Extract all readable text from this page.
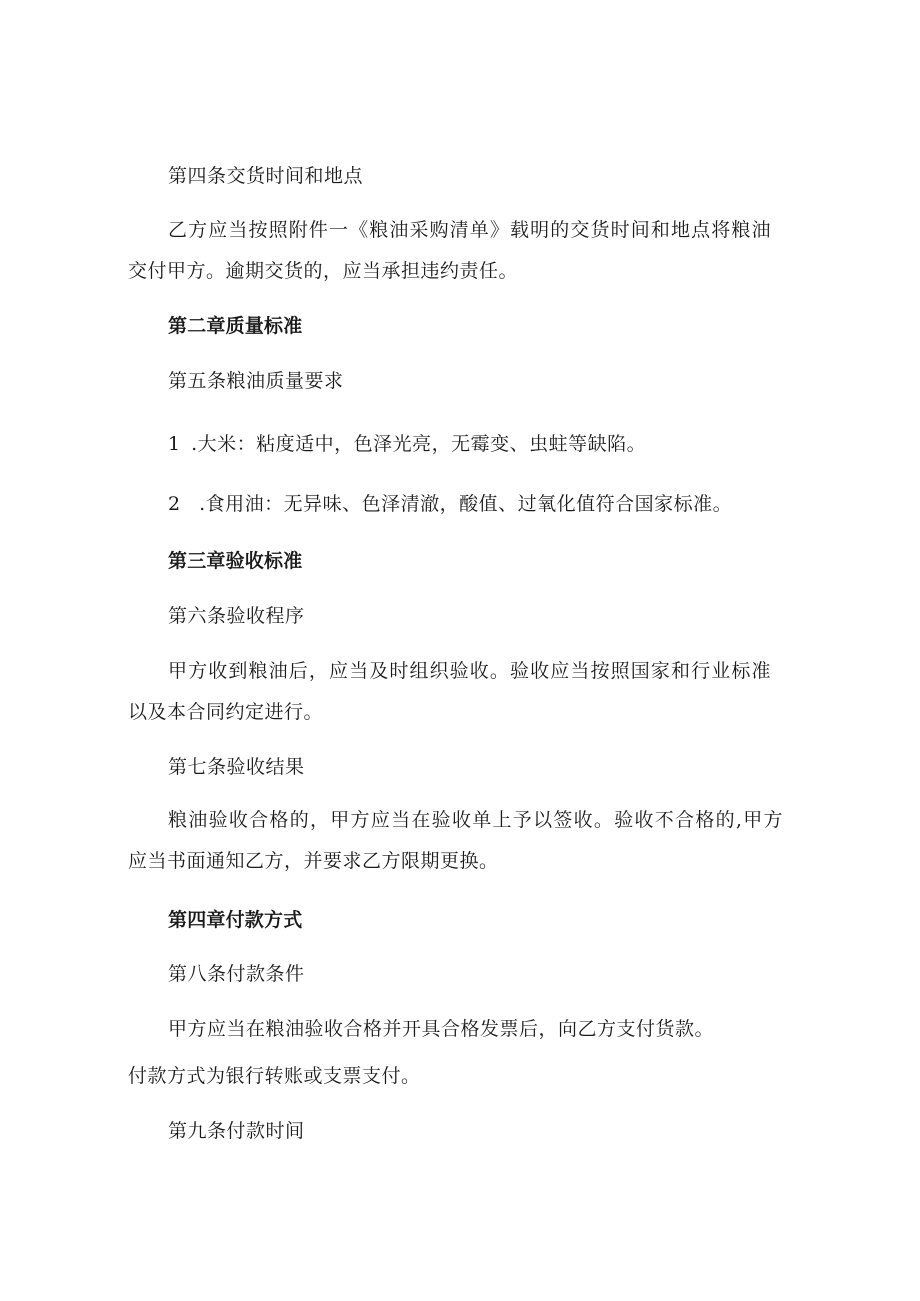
第四条交货时间和地点
乙方应当按照附件一《粮油采购清单》载明的交货时间和地点将粮油
交付甲方。逾期交货的，应当承担违约责任。
第二章质量标准
第五条粮油质量要求
1 .大米：粘度适中，色泽光亮，无霉变、虫蛀等缺陷。
2 .食用油：无异味、色泽清澈，酸值、过氧化值符合国家标准。
第三章验收标准
第六条验收程序
甲方收到粮油后，应当及时组织验收。验收应当按照国家和行业标准
以及本合同约定进行。
第七条验收结果
粮油验收合格的，甲方应当在验收单上予以签收。验收不合格的,甲方
应当书面通知乙方，并要求乙方限期更换。
第四章付款方式
第八条付款条件
甲方应当在粮油验收合格并开具合格发票后，向乙方支付货款。
付款方式为银行转账或支票支付。
第九条付款时间
